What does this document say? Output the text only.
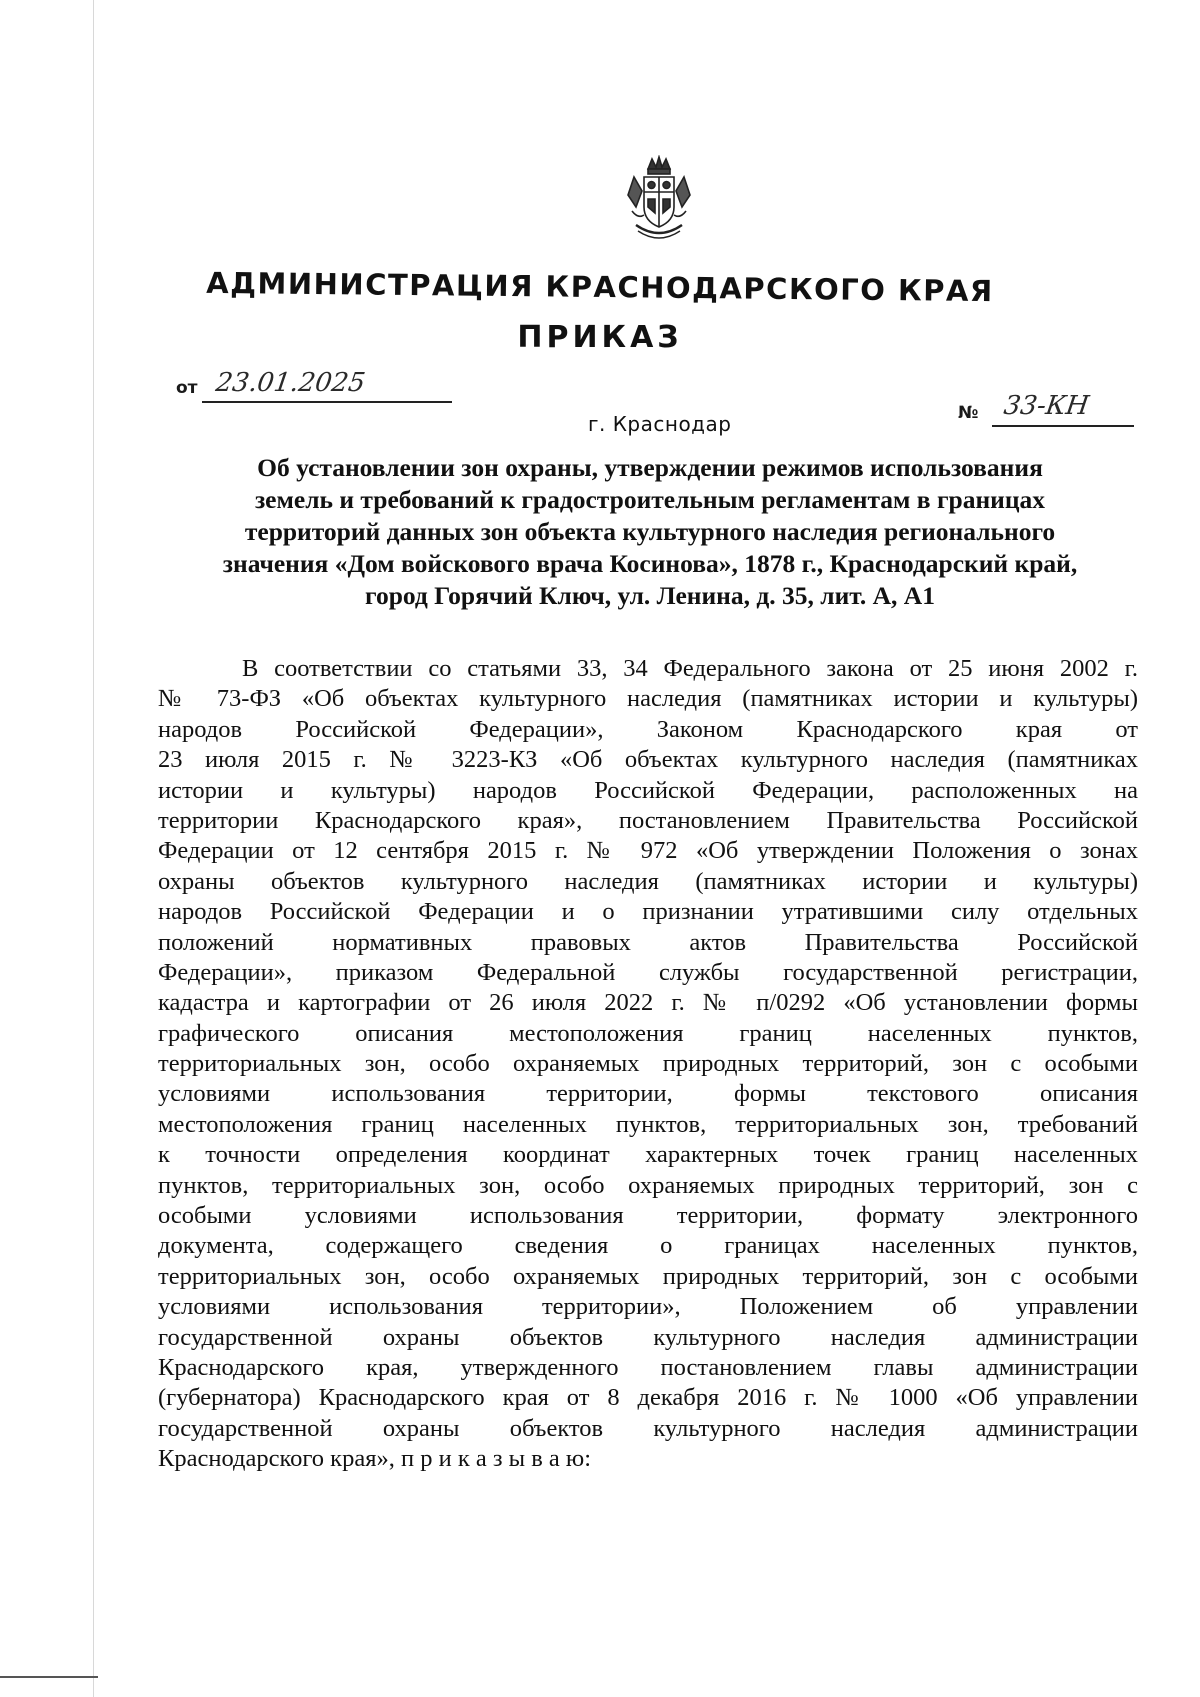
АДМИНИСТРАЦИЯ КРАСНОДАРСКОГО КРАЯ
ПРИКАЗ
от 23.01.2025
г. Краснодар	№ 33-КН
Об установлении зон охраны, утверждении режимов использования
земель и требований к градостроительным регламентам в границах
территорий данных зон объекта культурного наследия регионального
значения «Дом войскового врача Косинова», 1878 г., Краснодарский край,
город Горячий Ключ, ул. Ленина, д. 35, лит. А, А1
В соответствии со статьями 33, 34 Федерального закона от 25 июня 2002 г.
№ 73-ФЗ «Об объектах культурного наследия (памятниках истории и культуры)
народов Российской Федерации», Законом Краснодарского края от
23 июля 2015 г. № 3223-КЗ «Об объектах культурного наследия (памятниках
истории и культуры) народов Российской Федерации, расположенных на
территории Краснодарского края», постановлением Правительства Российской
Федерации от 12 сентября 2015 г. № 972 «Об утверждении Положения о зонах
охраны объектов культурного наследия (памятниках истории и культуры)
народов Российской Федерации и о признании утратившими силу отдельных
положений нормативных правовых актов Правительства Российской
Федерации», приказом Федеральной службы государственной регистрации,
кадастра и картографии от 26 июля 2022 г. № п/0292 «Об установлении формы
графического описания местоположения границ населенных пунктов,
территориальных зон, особо охраняемых природных территорий, зон с особыми
условиями использования территории, формы текстового описания
местоположения границ населенных пунктов, территориальных зон, требований
к точности определения координат характерных точек границ населенных
пунктов, территориальных зон, особо охраняемых природных территорий, зон с
особыми условиями использования территории, формату электронного
документа, содержащего сведения о границах населенных пунктов,
территориальных зон, особо охраняемых природных территорий, зон с особыми
условиями использования территории», Положением об управлении
государственной охраны объектов культурного наследия администрации
Краснодарского края, утвержденного постановлением главы администрации
(губернатора) Краснодарского края от 8 декабря 2016 г. № 1000 «Об управлении
государственной охраны объектов культурного наследия администрации
Краснодарского края», п р и к а з ы в а ю:
